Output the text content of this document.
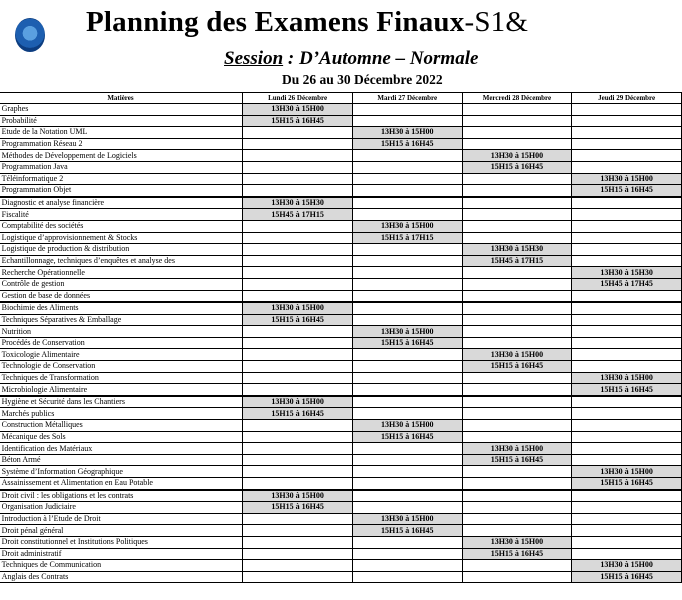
Planning des Examens Finaux-S1&
Session : D’Automne – Normale
Du 26 au 30 Décembre 2022
	Matières	Lundi 26 Décembre	Mardi 27 Décembre	Mercredi 28 Décembre	Jeudi 29 Décembre
	Graphes	13H30 à 15H00			
	Probabilité	15H15 à 16H45			
	Etude de la Notation UML		13H30 à 15H00		
	Programmation Réseau 2		15H15 à 16H45		
	Méthodes de Développement de Logiciels			13H30 à 15H00	
	Programmation Java			15H15 à 16H45	
	Téléinformatique 2				13H30 à 15H00
	Programmation Objet				15H15 à 16H45
	Diagnostic et analyse financière	13H30 à 15H30			
	Fiscalité	15H45 à 17H15			
	Comptabilité des sociétés		13H30 à 15H00		
	Logistique d’approvisionnement & Stocks		15H15 à 17H15		
	Logistique de production & distribution			13H30 à 15H30	
	Echantillonnage, techniques d’enquêtes et analyse des			15H45 à 17H15	
	Recherche Opérationnelle				13H30 à 15H30
	Contrôle de gestion				15H45 à 17H45
	Gestion de base de données				
	Biochimie des Aliments	13H30 à 15H00			
	Techniques Séparatives & Emballage	15H15 à 16H45			
	Nutrition		13H30 à 15H00		
	Procédés de Conservation		15H15 à 16H45		
	Toxicologie Alimentaire			13H30 à 15H00	
	Technologie de Conservation			15H15 à 16H45	
	Techniques de Transformation				13H30 à 15H00
	Microbiologie Alimentaire				15H15 à 16H45
	Hygiène et Sécurité dans les Chantiers	13H30 à 15H00			
	Marchés publics	15H15 à 16H45			
	Construction Métalliques		13H30 à 15H00		
	Mécanique des Sols		15H15 à 16H45		
	Identification des Matériaux			13H30 à 15H00	
	Béton Armé			15H15 à 16H45	
	Système d’Information Géographique				13H30 à 15H00
	Assainissement et Alimentation en Eau Potable				15H15 à 16H45
	Droit civil : les obligations et les contrats	13H30 à 15H00			
	Organisation Judiciaire	15H15 à 16H45			
	Introduction à l’Etude de Droit		13H30 à 15H00		
	Droit pénal général		15H15 à 16H45		
	Droit constitutionnel et Institutions Politiques			13H30 à 15H00	
	Droit administratif			15H15 à 16H45	
	Techniques de Communication				13H30 à 15H00
	Anglais des Contrats				15H15 à 16H45
